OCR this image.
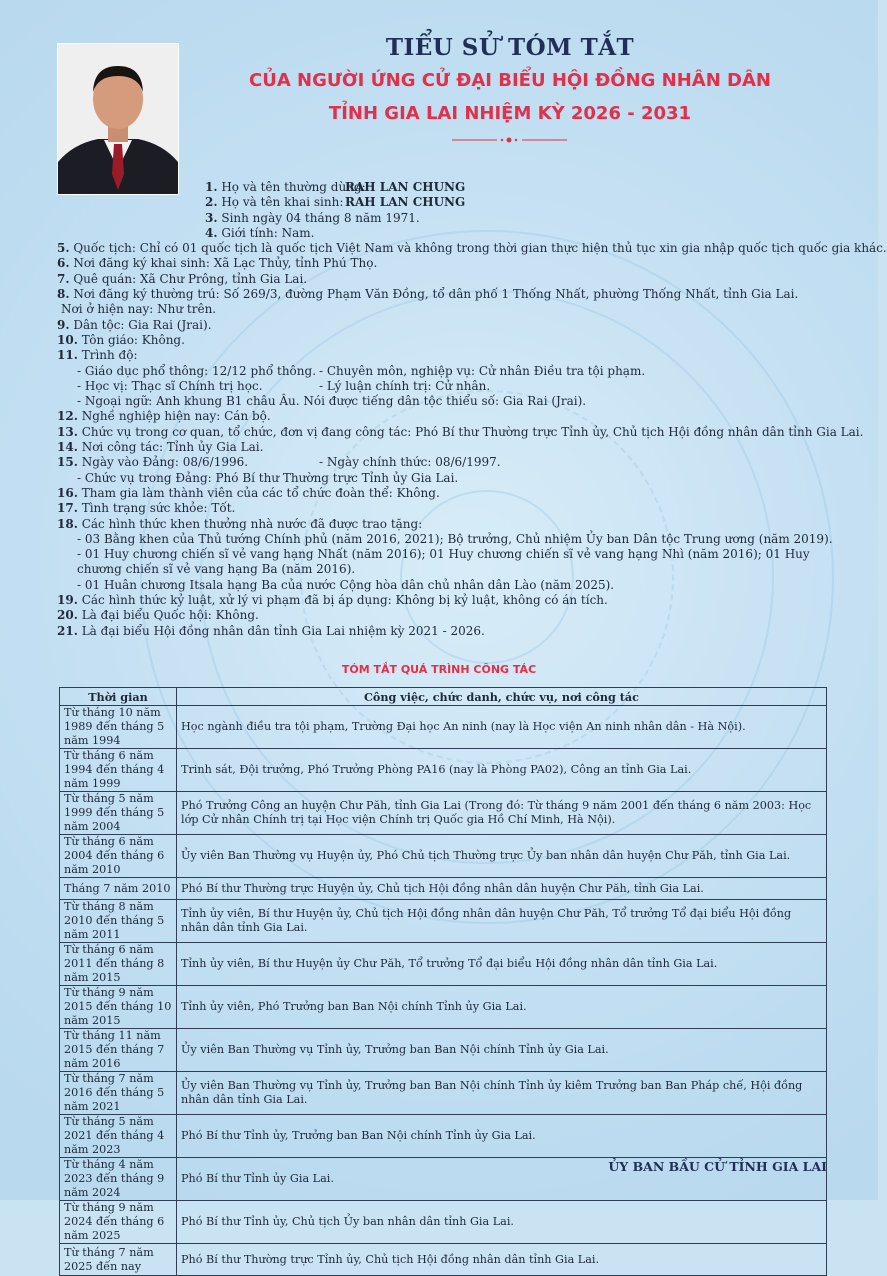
TIỂU SỬ TÓM TẮT
CỦA NGƯỜI ỨNG CỬ ĐẠI BIỂU HỘI ĐỒNG NHÂN DÂN
TỈNH GIA LAI NHIỆM KỲ 2026 - 2031
1. Họ và tên thường dùng:
RAH LAN CHUNG
2. Họ và tên khai sinh: RAH LAN CHUNG
3. Sinh ngày 04 tháng 8 năm 1971.
4. Giới tính: Nam.
5. Quốc tịch: Chỉ có 01 quốc tịch là quốc tịch Việt Nam và không trong thời gian thực hiện thủ tục xin gia nhập quốc tịch quốc gia khác.
6. Nơi đăng ký khai sinh: Xã Lạc Thủy, tỉnh Phú Thọ.
7. Quê quán: Xã Chư Prông, tỉnh Gia Lai.
8. Nơi đăng ký thường trú: Số 269/3, đường Phạm Văn Đồng, tổ dân phố 1 Thống Nhất, phường Thống Nhất, tỉnh Gia Lai.
Nơi ở hiện nay: Như trên.
9. Dân tộc: Gia Rai (Jrai).
10. Tôn giáo: Không.
11. Trình độ:
- Giáo dục phổ thông: 12/12 phổ thông. - Chuyên môn, nghiệp vụ: Cử nhân Điều tra tội phạm.
- Học vị: Thạc sĩ Chính trị học.	- Lý luận chính trị: Cử nhân.
- Ngoại ngữ: Anh khung B1 châu Âu. Nói được tiếng dân tộc thiểu số: Gia Rai (Jrai).
12. Nghề nghiệp hiện nay: Cán bộ.
13. Chức vụ trong cơ quan, tổ chức, đơn vị đang công tác: Phó Bí thư Thường trực Tỉnh ủy, Chủ tịch Hội đồng nhân dân tỉnh Gia Lai.
14. Nơi công tác: Tỉnh ủy Gia Lai.
15. Ngày vào Đảng: 08/6/1996.	- Ngày chính thức: 08/6/1997.
- Chức vụ trong Đảng: Phó Bí thư Thường trực Tỉnh ủy Gia Lai.
16. Tham gia làm thành viên của các tổ chức đoàn thể: Không.
17. Tình trạng sức khỏe: Tốt.
18. Các hình thức khen thưởng nhà nước đã được trao tặng:
- 03 Bằng khen của Thủ tướng Chính phủ (năm 2016, 2021); Bộ trưởng, Chủ nhiệm Ủy ban Dân tộc Trung ương (năm 2019).
- 01 Huy chương chiến sĩ vẻ vang hạng Nhất (năm 2016); 01 Huy chương chiến sĩ vẻ vang hạng Nhì (năm 2016); 01 Huy chương chiến sĩ vẻ vang hạng Ba (năm 2016).
- 01 Huân chương Itsala hạng Ba của nước Cộng hòa dân chủ nhân dân Lào (năm 2025).
19. Các hình thức kỷ luật, xử lý vi phạm đã bị áp dụng: Không bị kỷ luật, không có án tích.
20. Là đại biểu Quốc hội: Không.
21. Là đại biểu Hội đồng nhân dân tỉnh Gia Lai nhiệm kỳ 2021 - 2026.
TÓM TẮT QUÁ TRÌNH CÔNG TÁC
Thời gian	Công việc, chức danh, chức vụ, nơi công tác
Từ tháng 10 năm 1989 đến tháng 5 năm 1994	Học ngành điều tra tội phạm, Trường Đại học An ninh (nay là Học viện An ninh nhân dân - Hà Nội).
Từ tháng 6 năm 1994 đến tháng 4 năm 1999	Trinh sát, Đội trưởng, Phó Trưởng Phòng PA16 (nay là Phòng PA02), Công an tỉnh Gia Lai.
Từ tháng 5 năm 1999 đến tháng 5 năm 2004	Phó Trưởng Công an huyện Chư Păh, tỉnh Gia Lai (Trong đó: Từ tháng 9 năm 2001 đến tháng 6 năm 2003: Học lớp Cử nhân Chính trị tại Học viện Chính trị Quốc gia Hồ Chí Minh, Hà Nội).
Từ tháng 6 năm 2004 đến tháng 6 năm 2010	Ủy viên Ban Thường vụ Huyện ủy, Phó Chủ tịch Thường trực Ủy ban nhân dân huyện Chư Păh, tỉnh Gia Lai.
Tháng 7 năm 2010	Phó Bí thư Thường trực Huyện ủy, Chủ tịch Hội đồng nhân dân huyện Chư Păh, tỉnh Gia Lai.
Từ tháng 8 năm 2010 đến tháng 5 năm 2011	Tỉnh ủy viên, Bí thư Huyện ủy, Chủ tịch Hội đồng nhân dân huyện Chư Păh, Tổ trưởng Tổ đại biểu Hội đồng nhân dân tỉnh Gia Lai.
Từ tháng 6 năm 2011 đến tháng 8 năm 2015	Tỉnh ủy viên, Bí thư Huyện ủy Chư Păh, Tổ trưởng Tổ đại biểu Hội đồng nhân dân tỉnh Gia Lai.
Từ tháng 9 năm 2015 đến tháng 10 năm 2015	Tỉnh ủy viên, Phó Trưởng ban Ban Nội chính Tỉnh ủy Gia Lai.
Từ tháng 11 năm 2015 đến tháng 7 năm 2016	Ủy viên Ban Thường vụ Tỉnh ủy, Trưởng ban Ban Nội chính Tỉnh ủy Gia Lai.
Từ tháng 7 năm 2016 đến tháng 5 năm 2021	Ủy viên Ban Thường vụ Tỉnh ủy, Trưởng ban Ban Nội chính Tỉnh ủy kiêm Trưởng ban Ban Pháp chế, Hội đồng nhân dân tỉnh Gia Lai.
Từ tháng 5 năm 2021 đến tháng 4 năm 2023	Phó Bí thư Tỉnh ủy, Trưởng ban Ban Nội chính Tỉnh ủy Gia Lai.
Từ tháng 4 năm 2023 đến tháng 9 năm 2024	Phó Bí thư Tỉnh ủy Gia Lai.
Từ tháng 9 năm 2024 đến tháng 6 năm 2025	Phó Bí thư Tỉnh ủy, Chủ tịch Ủy ban nhân dân tỉnh Gia Lai.
Từ tháng 7 năm 2025 đến nay	Phó Bí thư Thường trực Tỉnh ủy, Chủ tịch Hội đồng nhân dân tỉnh Gia Lai.
ỦY BAN BẦU CỬ TỈNH GIA LAI
